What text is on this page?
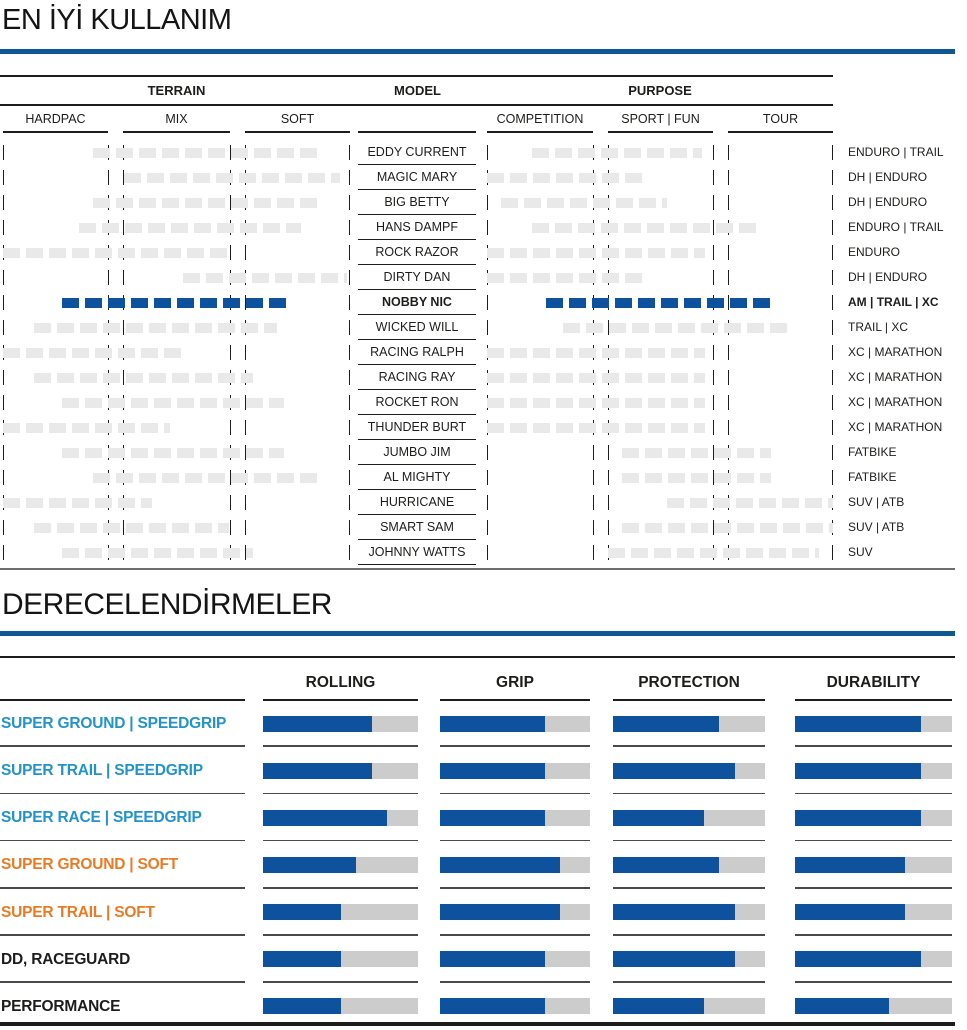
EN İYİ KULLANIM
TERRAIN	MODEL	PURPOSE
HARDPAC	MIX	SOFT	COMPETITION	SPORT | FUN	TOUR
EDDY CURRENT	ENDURO | TRAIL
MAGIC MARY	DH | ENDURO
BIG BETTY	DH | ENDURO
HANS DAMPF	ENDURO | TRAIL
ROCK RAZOR	ENDURO
DIRTY DAN	DH | ENDURO
NOBBY NIC	AM | TRAIL | XC
WICKED WILL	TRAIL | XC
RACING RALPH	XC | MARATHON
RACING RAY	XC | MARATHON
ROCKET RON	XC | MARATHON
THUNDER BURT	XC | MARATHON
JUMBO JIM	FATBIKE
AL MIGHTY	FATBIKE
HURRICANE	SUV | ATB
SMART SAM	SUV | ATB
JOHNNY WATTS	SUV
DERECELENDİRMELER
ROLLING	GRIP	PROTECTION	DURABILITY
SUPER GROUND | SPEEDGRIP
SUPER TRAIL | SPEEDGRIP
SUPER RACE | SPEEDGRIP
SUPER GROUND | SOFT
SUPER TRAIL | SOFT
DD, RACEGUARD
PERFORMANCE
